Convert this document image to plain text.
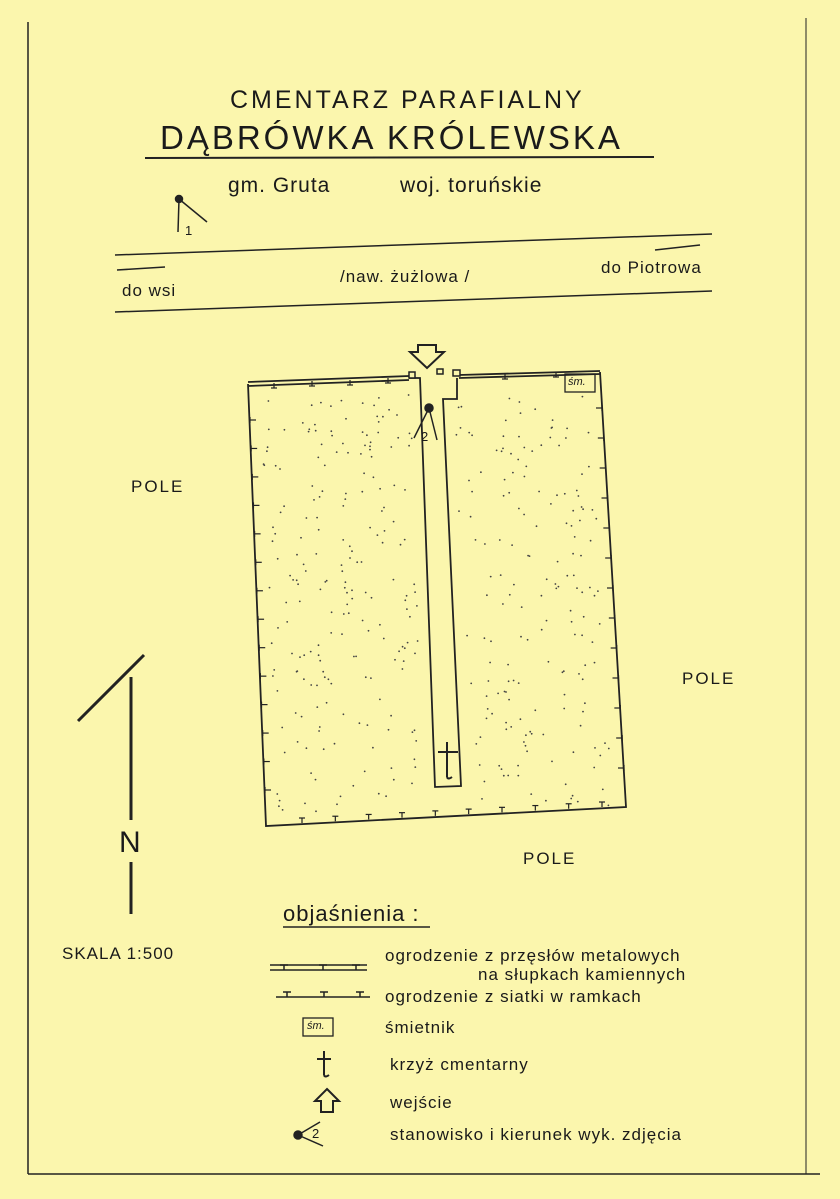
CMENTARZ PARAFIALNY
DĄBRÓWKA KRÓLEWSKA
gm. Gruta	woj. toruńskie
1
do wsi
/naw. żużlowa /	do Piotrowa
śm.
2
POLE
POLE
POLE
N
SKALA 1:500
objaśnienia :
ogrodzenie z przęsłów metalowych
na słupkach kamiennych
ogrodzenie z siatki w ramkach
śm.	śmietnik
krzyż cmentarny
wejście
2	stanowisko i kierunek wyk. zdjęcia
